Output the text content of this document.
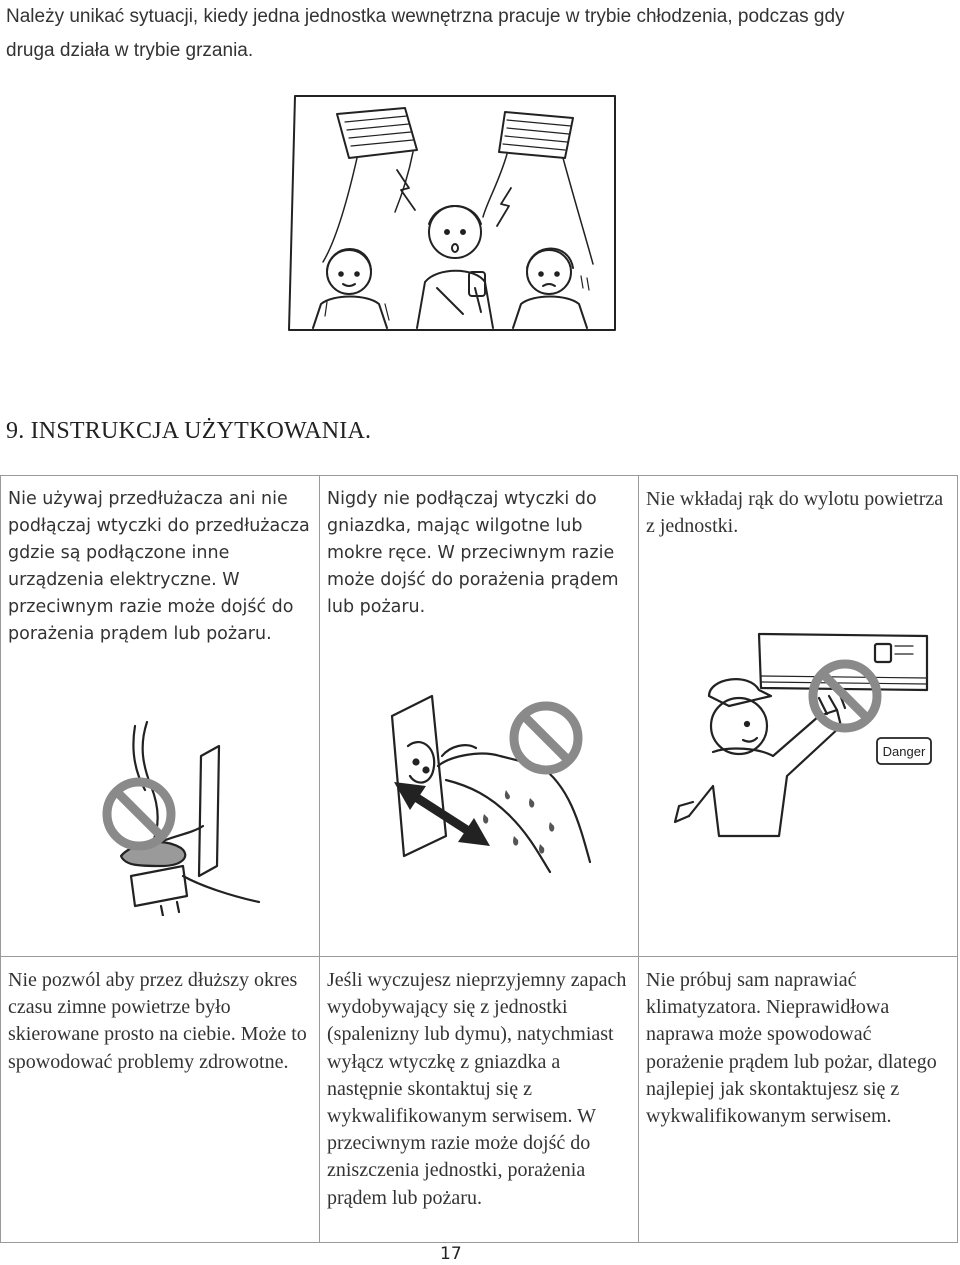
Należy unikać sytuacji, kiedy jedna jednostka wewnętrzna pracuje w trybie chłodzenia, podczas gdy
druga działa w trybie grzania.
9. INSTRUKCJA UŻYTKOWANIA.
Nie używaj przedłużacza ani nie podłączaj wtyczki do przedłużacza gdzie są podłączone inne urządzenia elektryczne. W przeciwnym razie może dojść do porażenia prądem lub pożaru.	Nigdy nie podłączaj wtyczki do gniazdka, mając wilgotne lub mokre ręce. W przeciwnym razie może dojść do porażenia prądem lub pożaru.	Nie wkładaj rąk do wylotu powietrza z jednostki.
Danger

Nie pozwól aby przez dłuższy okres czasu zimne powietrze było skierowane prosto na ciebie. Może to spowodować problemy zdrowotne.	Jeśli wyczujesz nieprzyjemny zapach wydobywający się z jednostki (spalenizny lub dymu), natychmiast wyłącz wtyczkę z gniazdka a następnie skontaktuj się z wykwalifikowanym serwisem. W przeciwnym razie może dojść do zniszczenia jednostki, porażenia prądem lub pożaru.	Nie próbuj sam naprawiać klimatyzatora. Nieprawidłowa naprawa może spowodować porażenie prądem lub pożar, dlatego najlepiej jak skontaktujesz się z wykwalifikowanym serwisem.
17
